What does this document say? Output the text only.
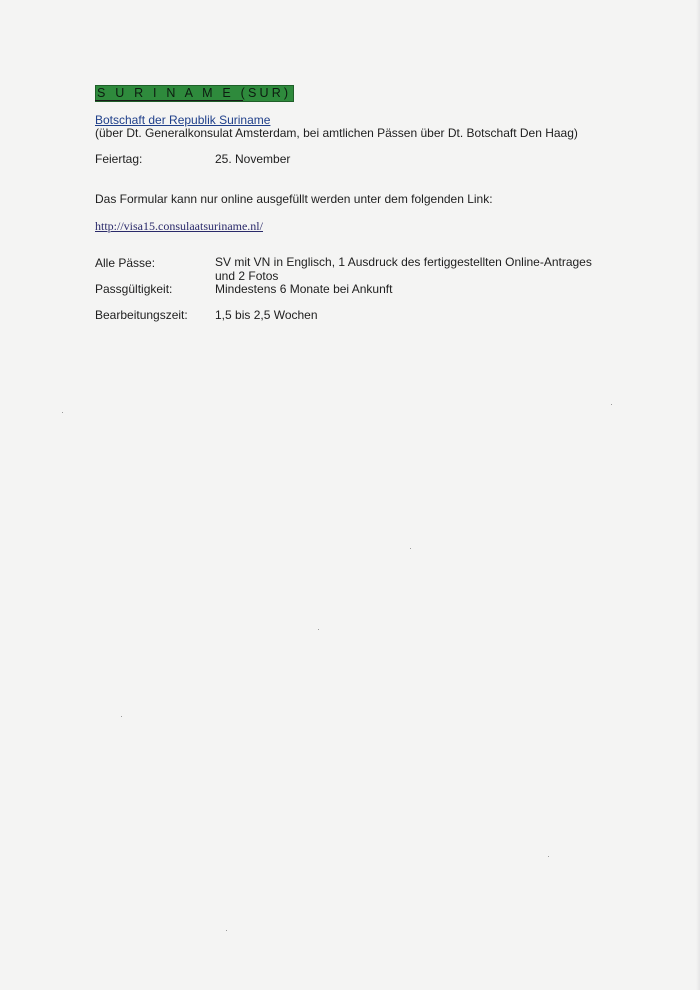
S U R I N A M E (SUR)
Botschaft der Republik Suriname
(über Dt. Generalkonsulat Amsterdam, bei amtlichen Pässen über Dt. Botschaft Den Haag)
Feiertag:	25. November
Das Formular kann nur online ausgefüllt werden unter dem folgenden Link:
http://visa15.consulaatsuriname.nl/
Alle Pässe:	SV mit VN in Englisch, 1 Ausdruck des fertiggestellten Online-Antrages
und 2 Fotos
Passgültigkeit:	Mindestens 6 Monate bei Ankunft
Bearbeitungszeit: 1,5 bis 2,5 Wochen
